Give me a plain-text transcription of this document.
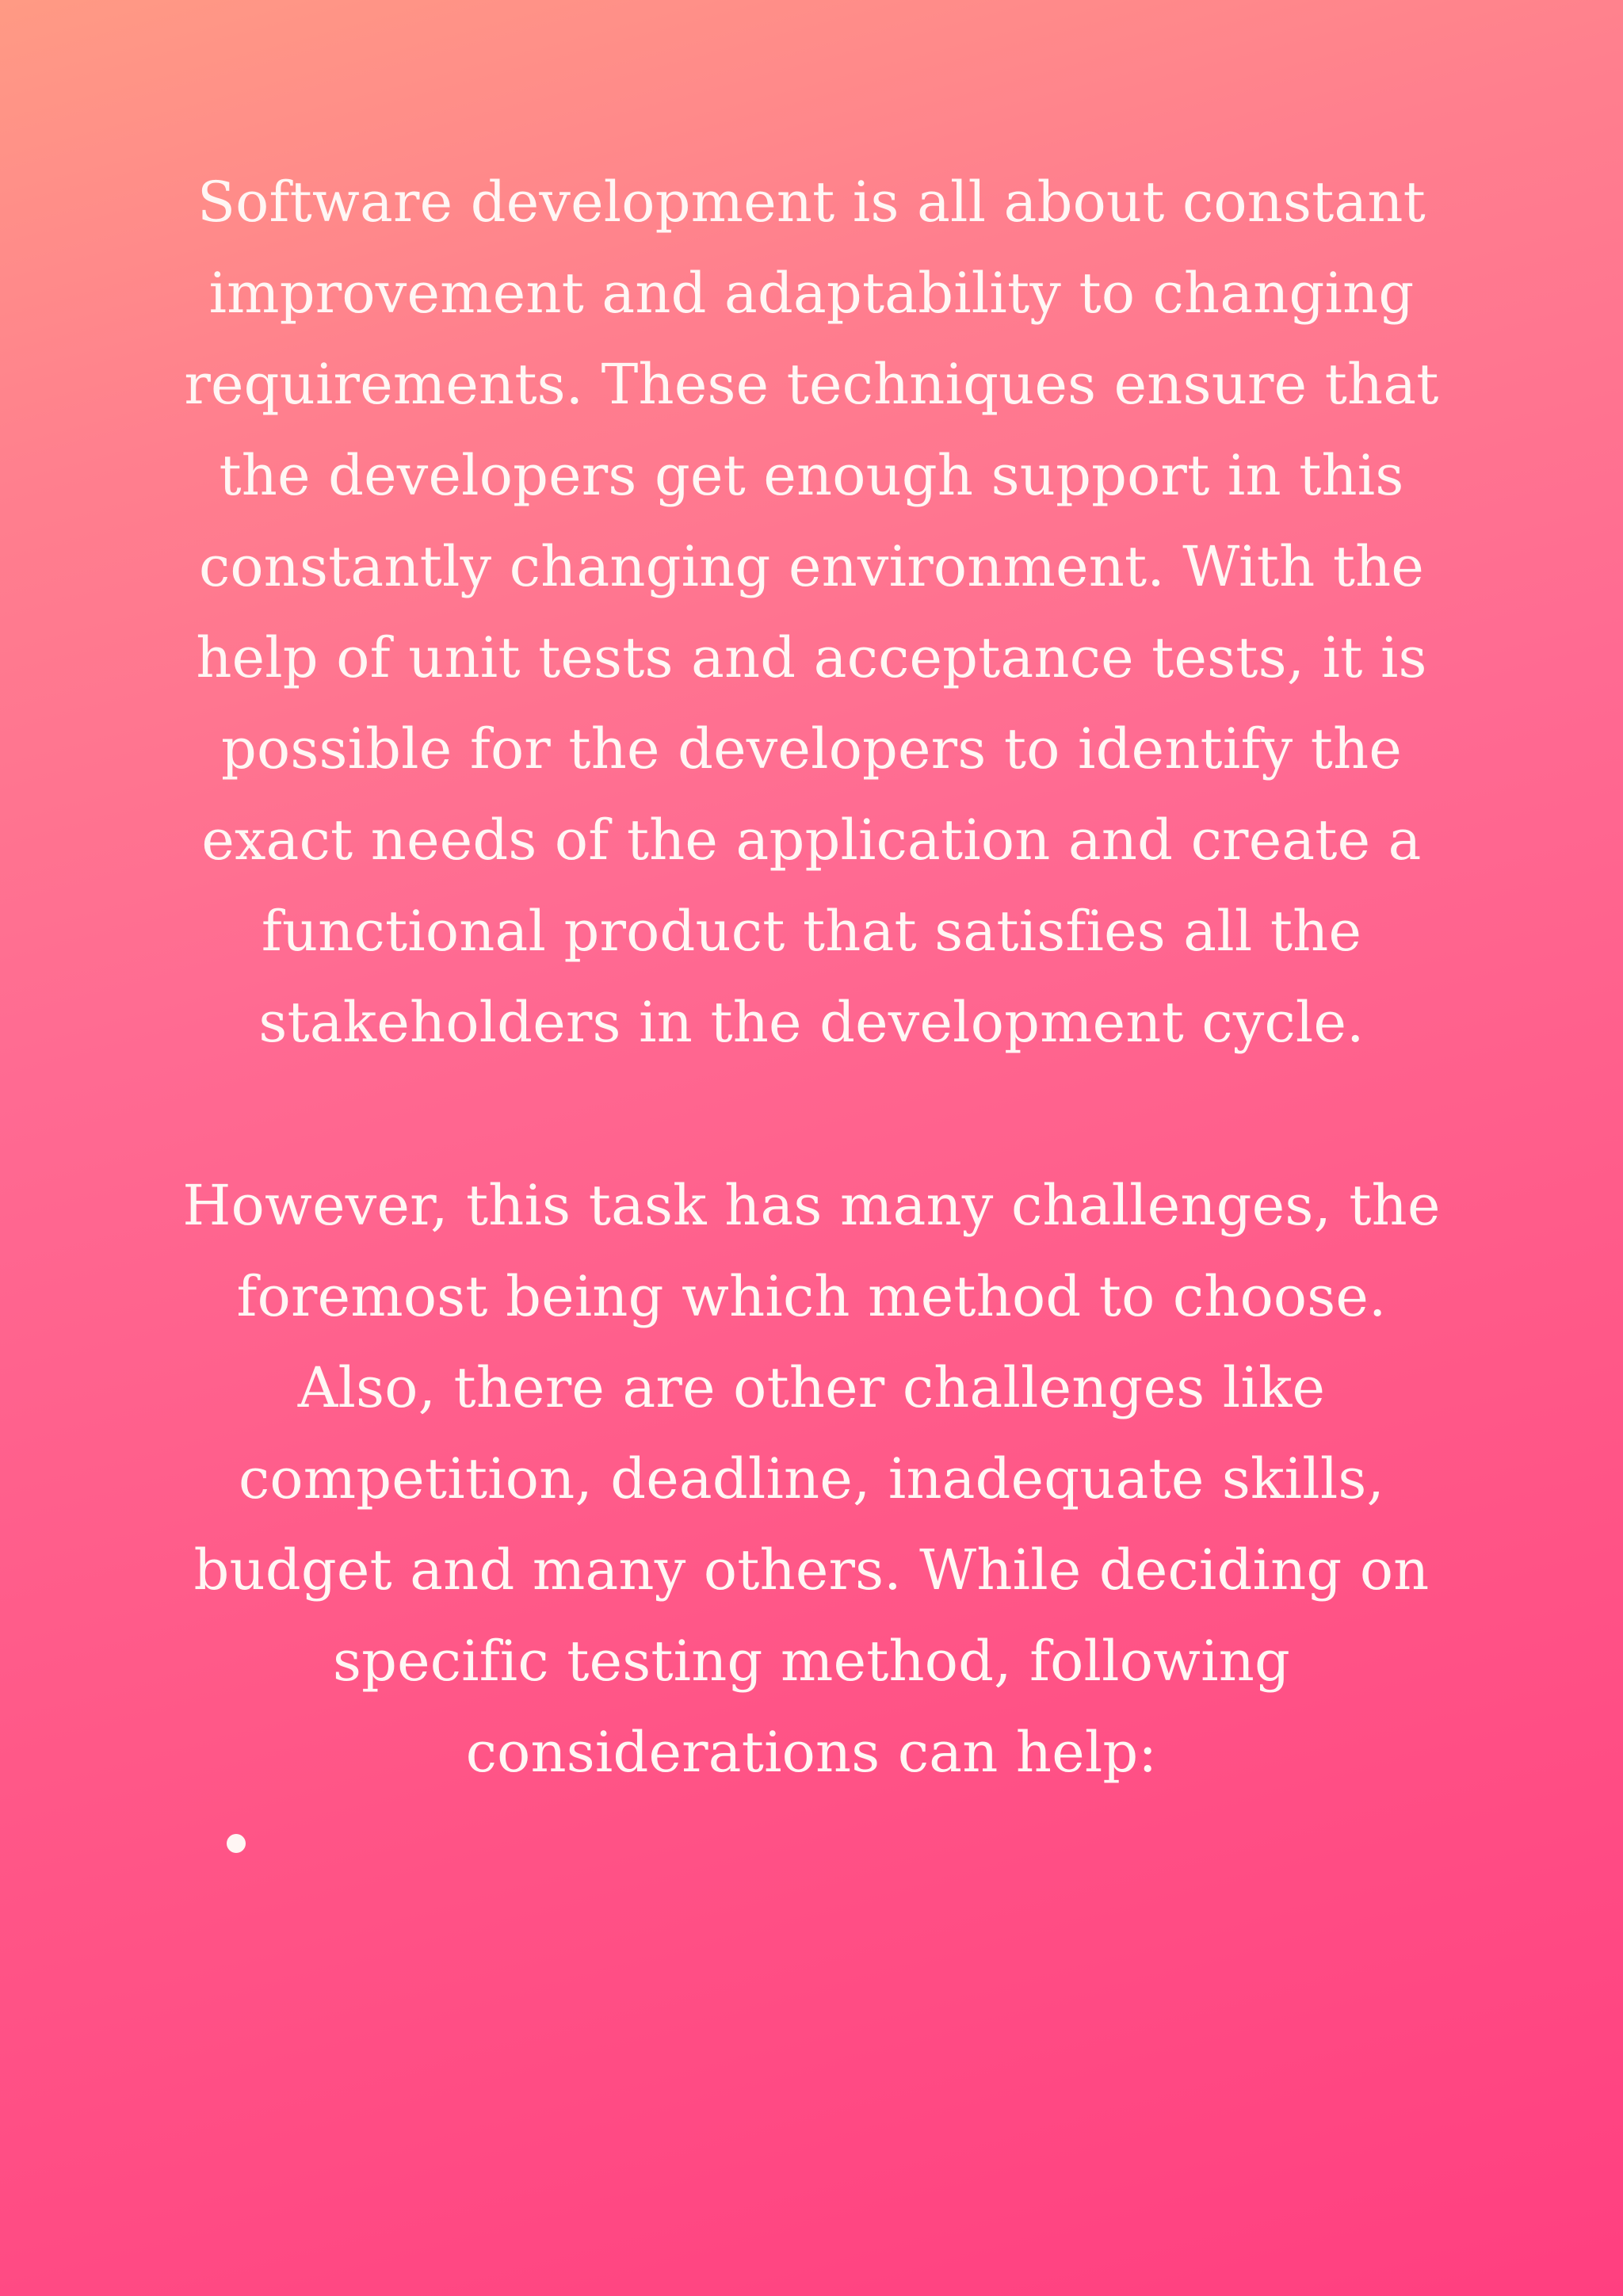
Software development is all about constant
improvement and adaptability to changing
requirements. These techniques ensure that
the developers get enough support in this
constantly changing environment. With the
help of unit tests and acceptance tests, it is
possible for the developers to identify the
exact needs of the application and create a
functional product that satisfies all the
stakeholders in the development cycle.
However, this task has many challenges, the
foremost being which method to choose.
Also, there are other challenges like
competition, deadline, inadequate skills,
budget and many others. While deciding on
specific testing method, following
considerations can help:
